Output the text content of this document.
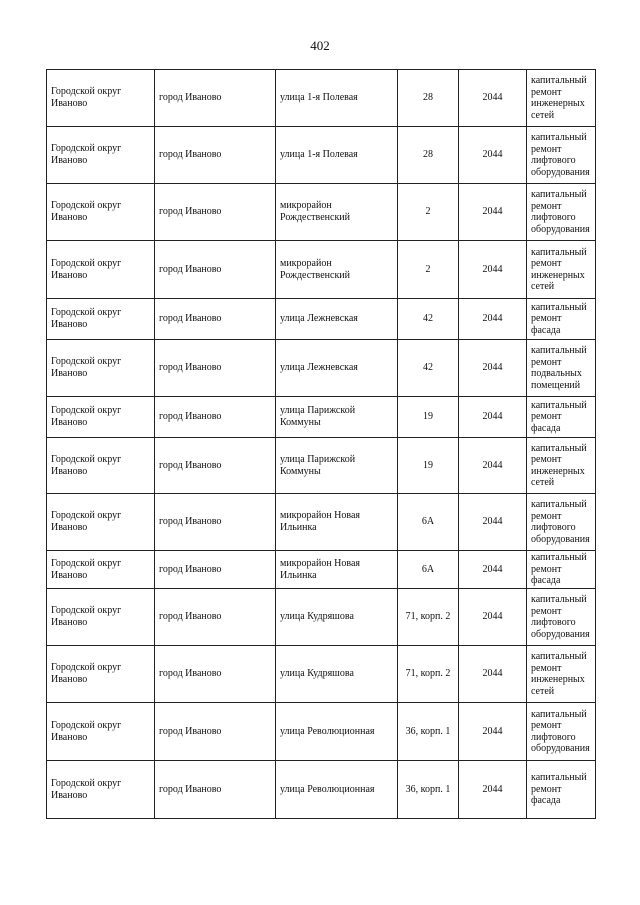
402
Городской округ Иваново	город Иваново	улица 1-я Полевая	28	2044	капитальный ремонт инженерных сетей
Городской округ Иваново	город Иваново	улица 1-я Полевая	28	2044	капитальный ремонт лифтового оборудования
Городской округ Иваново	город Иваново	микрорайон Рождественский	2	2044	капитальный ремонт лифтового оборудования
Городской округ Иваново	город Иваново	микрорайон Рождественский	2	2044	капитальный ремонт инженерных сетей
Городской округ Иваново	город Иваново	улица Лежневская	42	2044	капитальный ремонт фасада
Городской округ Иваново	город Иваново	улица Лежневская	42	2044	капитальный ремонт подвальных помещений
Городской округ Иваново	город Иваново	улица Парижской Коммуны	19	2044	капитальный ремонт фасада
Городской округ Иваново	город Иваново	улица Парижской Коммуны	19	2044	капитальный ремонт инженерных сетей
Городской округ Иваново	город Иваново	микрорайон Новая Ильинка	6А	2044	капитальный ремонт лифтового оборудования
Городской округ Иваново	город Иваново	микрорайон Новая Ильинка	6А	2044	капитальный ремонт фасада
Городской округ Иваново	город Иваново	улица Кудряшова	71, корп. 2	2044	капитальный ремонт лифтового оборудования
Городской округ Иваново	город Иваново	улица Кудряшова	71, корп. 2	2044	капитальный ремонт инженерных сетей
Городской округ Иваново	город Иваново	улица Революционная	36, корп. 1	2044	капитальный ремонт лифтового оборудования
Городской округ Иваново	город Иваново	улица Революционная	36, корп. 1	2044	капитальный ремонт фасада
